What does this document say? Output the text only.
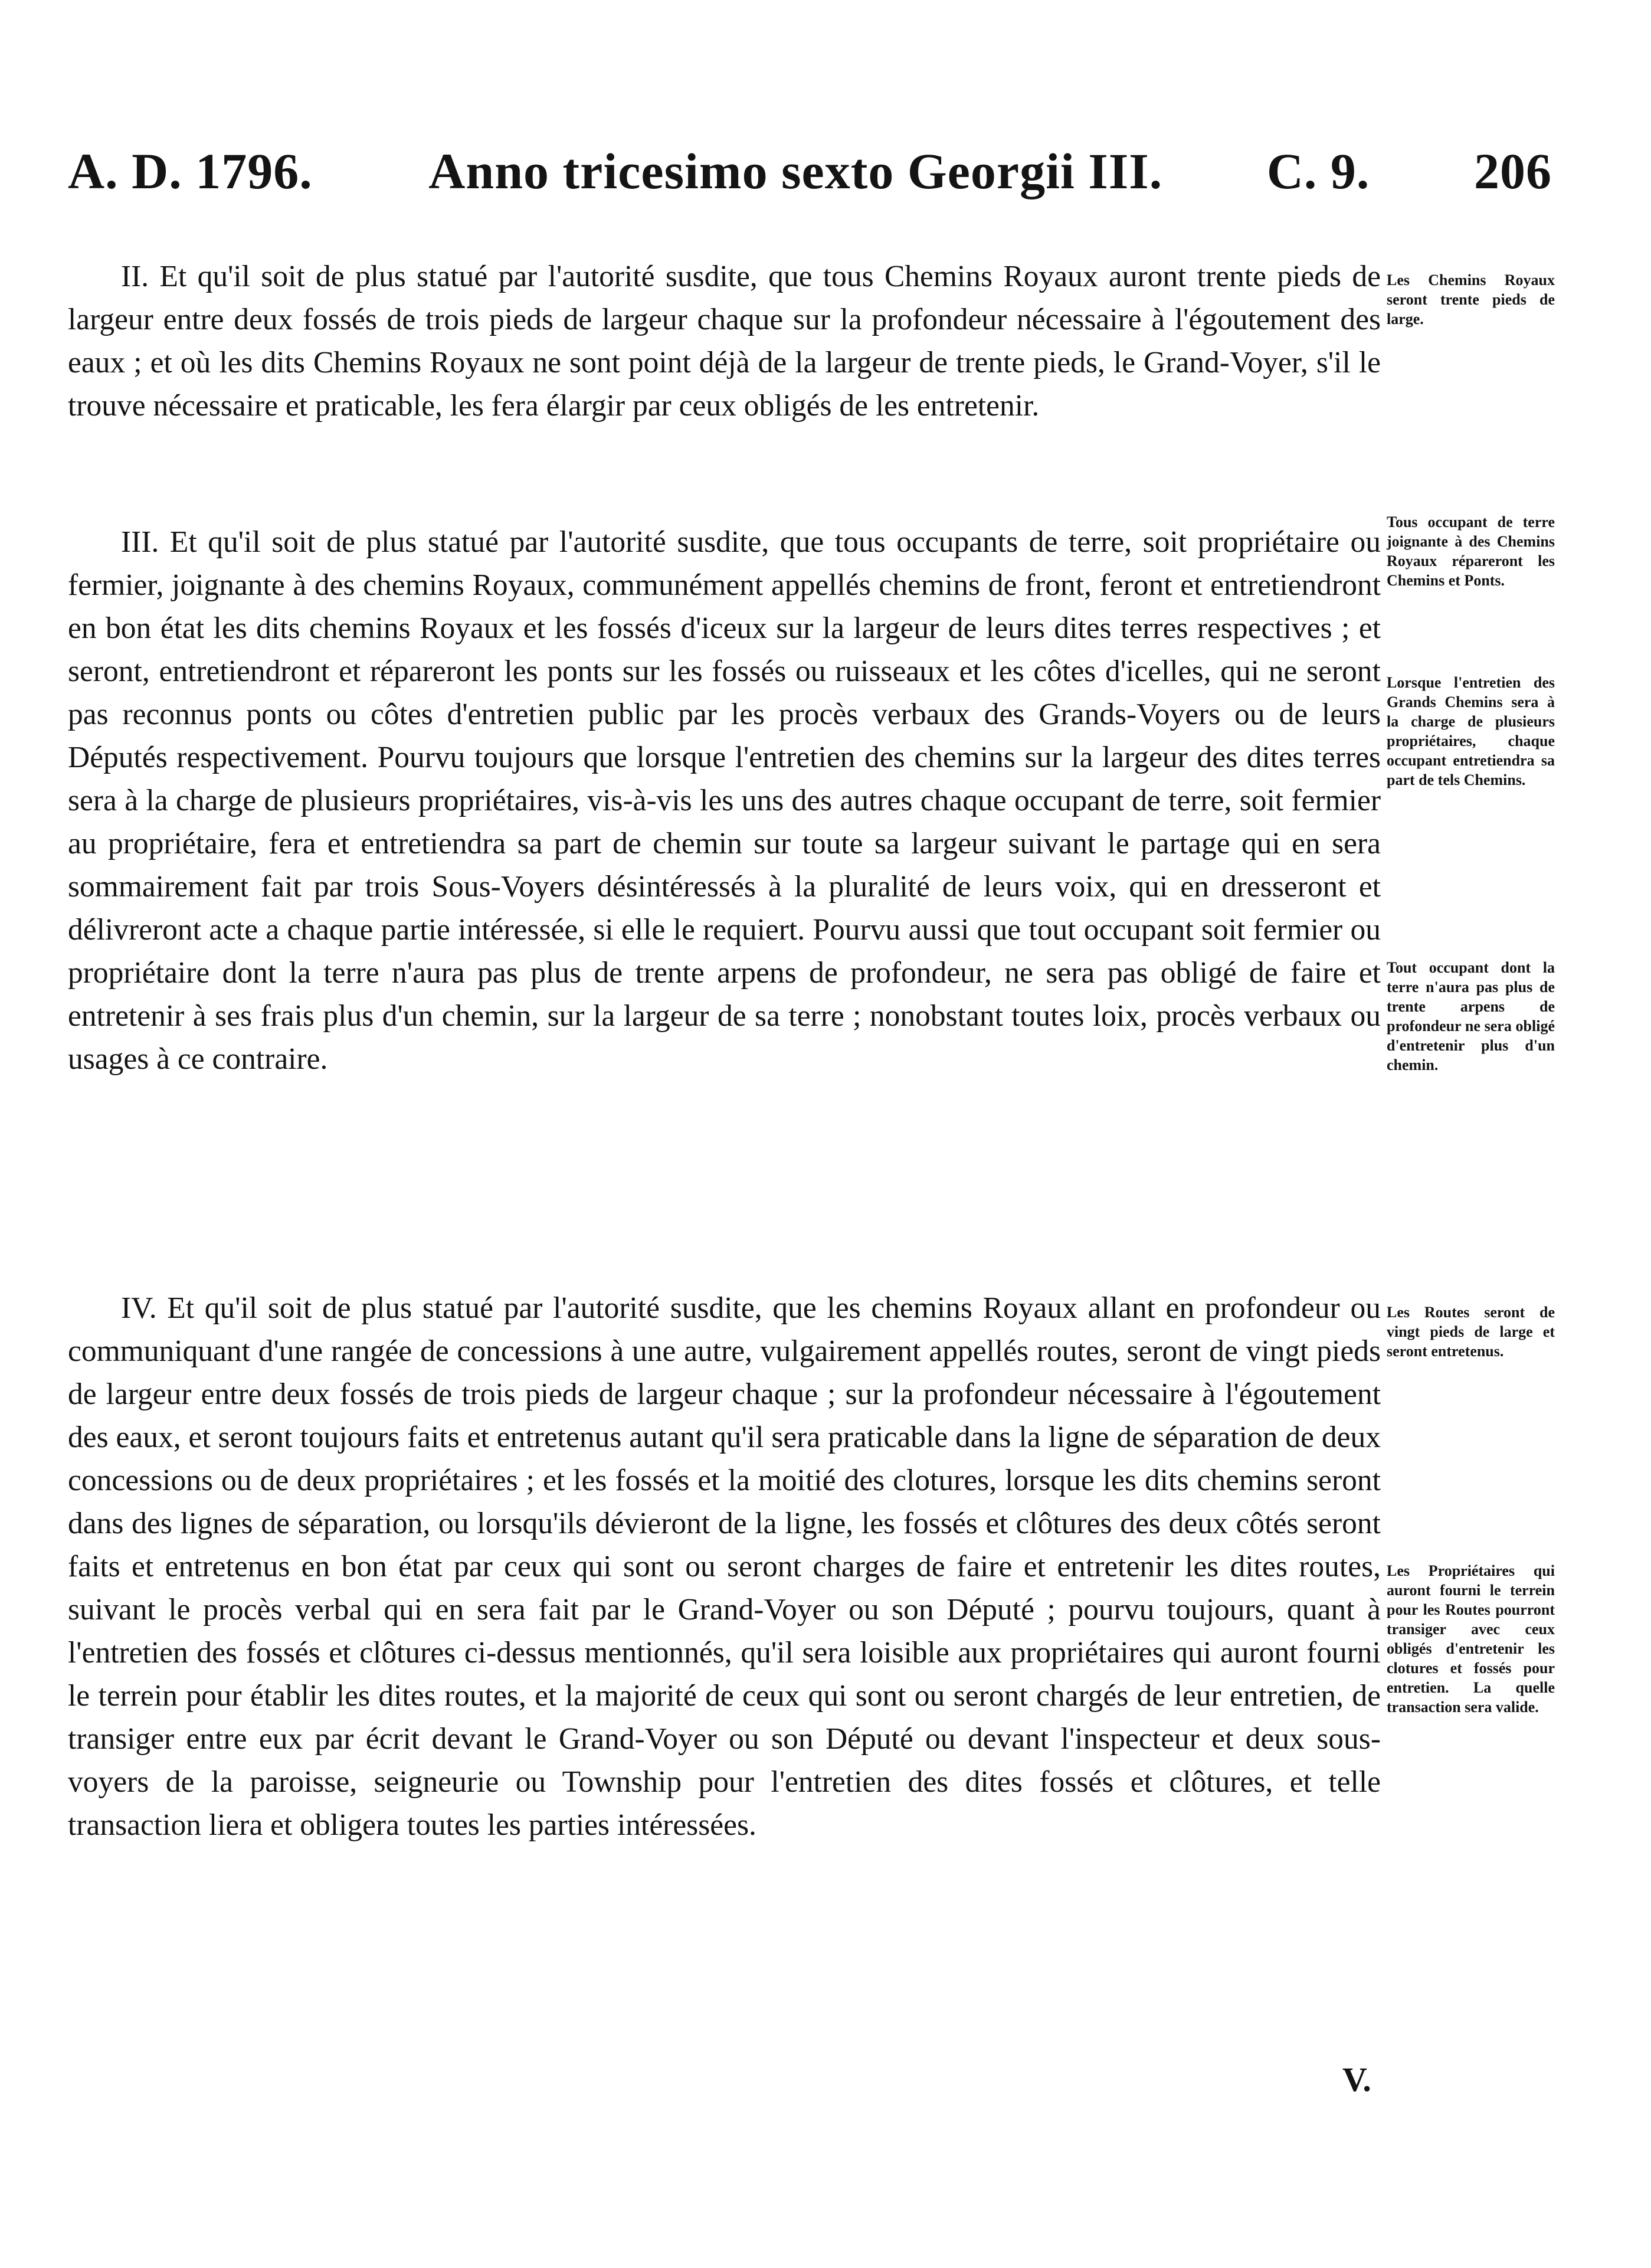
A. D. 1796. Anno tricesimo sexto Georgii III. C. 9. 206

II. Et qu'il soit de plus statué par l'autorité susdite, que tous Chemins Royaux auront trente pieds de largeur entre deux fossés de trois pieds de largeur chaque sur la profondeur nécessaire à l'égoutement des eaux ; et où les dits Chemins Royaux ne sont point déjà de la largeur de trente pieds, le Grand-Voyer, s'il le trouve nécessaire et praticable, les fera élargir par ceux obligés de les entretenir.

Les Chemins Royaux seront trente pieds de large.

III. Et qu'il soit de plus statué par l'autorité susdite, que tous occupants de terre, soit propriétaire ou fermier, joignante à des chemins Royaux, communément appellés chemins de front, feront et entretiendront en bon état les dits chemins Royaux et les fossés d'iceux sur la largeur de leurs dites terres respectives ; et seront, entretiendront et répareront les ponts sur les fossés ou ruisseaux et les côtes d'icelles, qui ne seront pas reconnus ponts ou côtes d'entretien public par les procès verbaux des Grands-Voyers ou de leurs Députés respectivement. Pourvu toujours que lorsque l'entretien des chemins sur la largeur des dites terres sera à la charge de plusieurs propriétaires, vis-à-vis les uns des autres chaque occupant de terre, soit fermier au propriétaire, fera et entretiendra sa part de chemin sur toute sa largeur suivant le partage qui en sera sommairement fait par trois Sous-Voyers désintéressés à la pluralité de leurs voix, qui en dresseront et délivreront acte a chaque partie intéressée, si elle le requiert. Pourvu aussi que tout occupant soit fermier ou propriétaire dont la terre n'aura pas plus de trente arpens de profondeur, ne sera pas obligé de faire et entretenir à ses frais plus d'un chemin, sur la largeur de sa terre ; nonobstant toutes loix, procès verbaux ou usages à ce contraire.

Tous occupant de terre joignante à des Chemins Royaux répareront les Chemins et Ponts.
Lorsque l'entretien des Grands Chemins sera à la charge de plusieurs propriétaires, chaque occupant entretiendra sa part de tels Chemins.
Tout occupant dont la terre n'aura pas plus de trente arpens de profondeur ne sera obligé d'entretenir plus d'un chemin.

IV. Et qu'il soit de plus statué par l'autorité susdite, que les chemins Royaux allant en profondeur ou communiquant d'une rangée de concessions à une autre, vulgairement appellés routes, seront de vingt pieds de largeur entre deux fossés de trois pieds de largeur chaque ; sur la profondeur nécessaire à l'égoutement des eaux, et seront toujours faits et entretenus autant qu'il sera praticable dans la ligne de séparation de deux concessions ou de deux propriétaires ; et les fossés et la moitié des clotures, lorsque les dits chemins seront dans des lignes de séparation, ou lorsqu'ils dévieront de la ligne, les fossés et clôtures des deux côtés seront faits et entretenus en bon état par ceux qui sont ou seront charges de faire et entretenir les dites routes, suivant le procès verbal qui en sera fait par le Grand-Voyer ou son Député ; pourvu toujours, quant à l'entretien des fossés et clôtures ci-dessus mentionnés, qu'il sera loisible aux propriétaires qui auront fourni le terrein pour établir les dites routes, et la majorité de ceux qui sont ou seront chargés de leur entretien, de transiger entre eux par écrit devant le Grand-Voyer ou son Député ou devant l'inspecteur et deux sous-voyers de la paroisse, seigneurie ou Township pour l'entretien des dites fossés et clôtures, et telle transaction liera et obligera toutes les parties intéressées.

Les Routes seront de vingt pieds de large et seront entretenus.
Les Propriétaires qui auront fourni le terrein pour les Routes pourront transiger avec ceux obligés d'entretenir les clotures et fossés pour entretien. La quelle transaction sera valide.
V.
